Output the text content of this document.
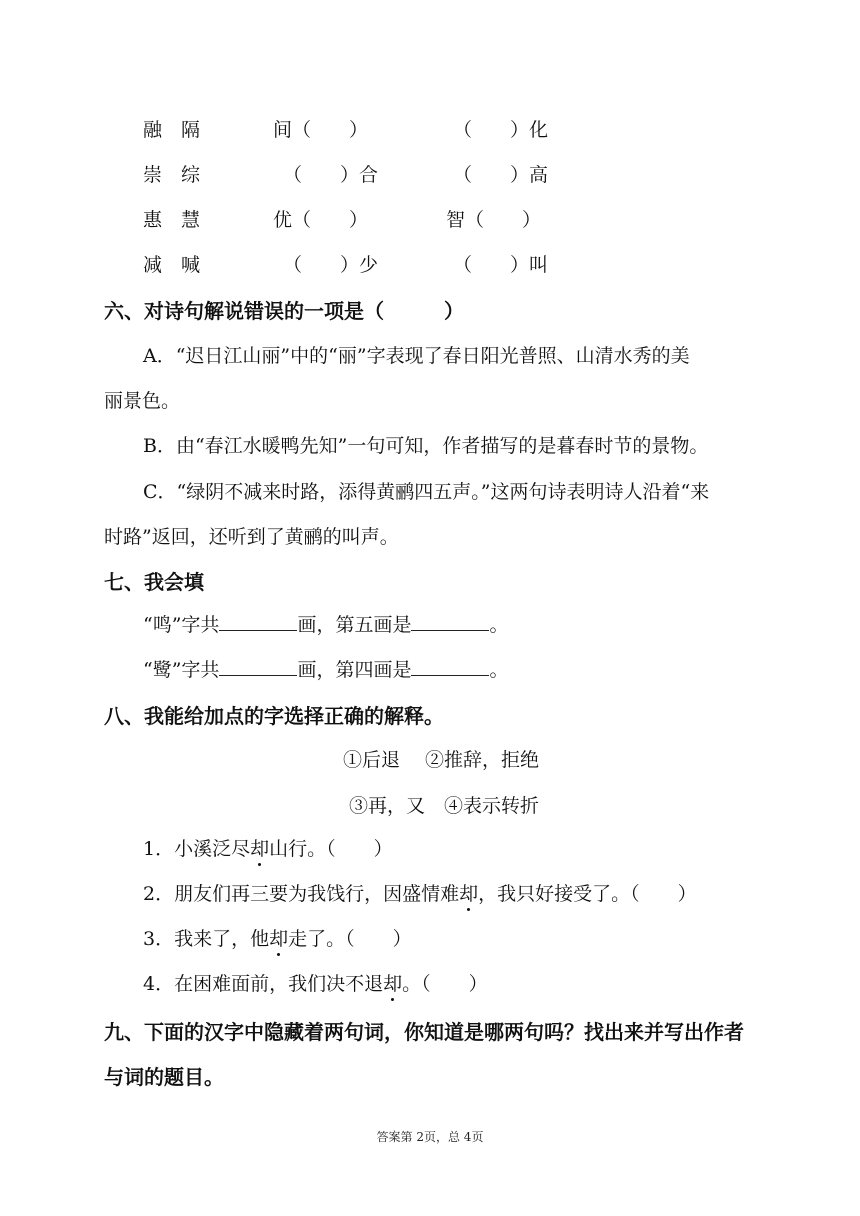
融　隔	间（　　）	（　　）化
崇　综	（　　）合	（　　）高
惠　慧	优（　　）	智（　　）
减　喊	（　　）少	（　　）叫
六、对诗句解说错误的一项是（　　　）
A．“迟日江山丽”中的“丽”字表现了春日阳光普照、山清水秀的美
丽景色。
B．由“春江水暖鸭先知”一句可知，作者描写的是暮春时节的景物。
C．“绿阴不减来时路，添得黄鹂四五声。”这两句诗表明诗人沿着“来
时路”返回，还听到了黄鹂的叫声。
七、我会填
“鸣”字共	画，第五画是	。
“鹭”字共	画，第四画是	。
八、我能给加点的字选择正确的解释。
①后退　 ②推辞，拒绝
③再，又　④表示转折
1．小溪泛尽却山行。（　　）
2．朋友们再三要为我饯行，因盛情难却，我只好接受了。（　　）
3．我来了，他却走了。（　　）
4．在困难面前，我们决不退却。（　　）
九、下面的汉字中隐藏着两句词，你知道是哪两句吗？找出来并写出作者
与词的题目。
答案第 2页，总 4页
